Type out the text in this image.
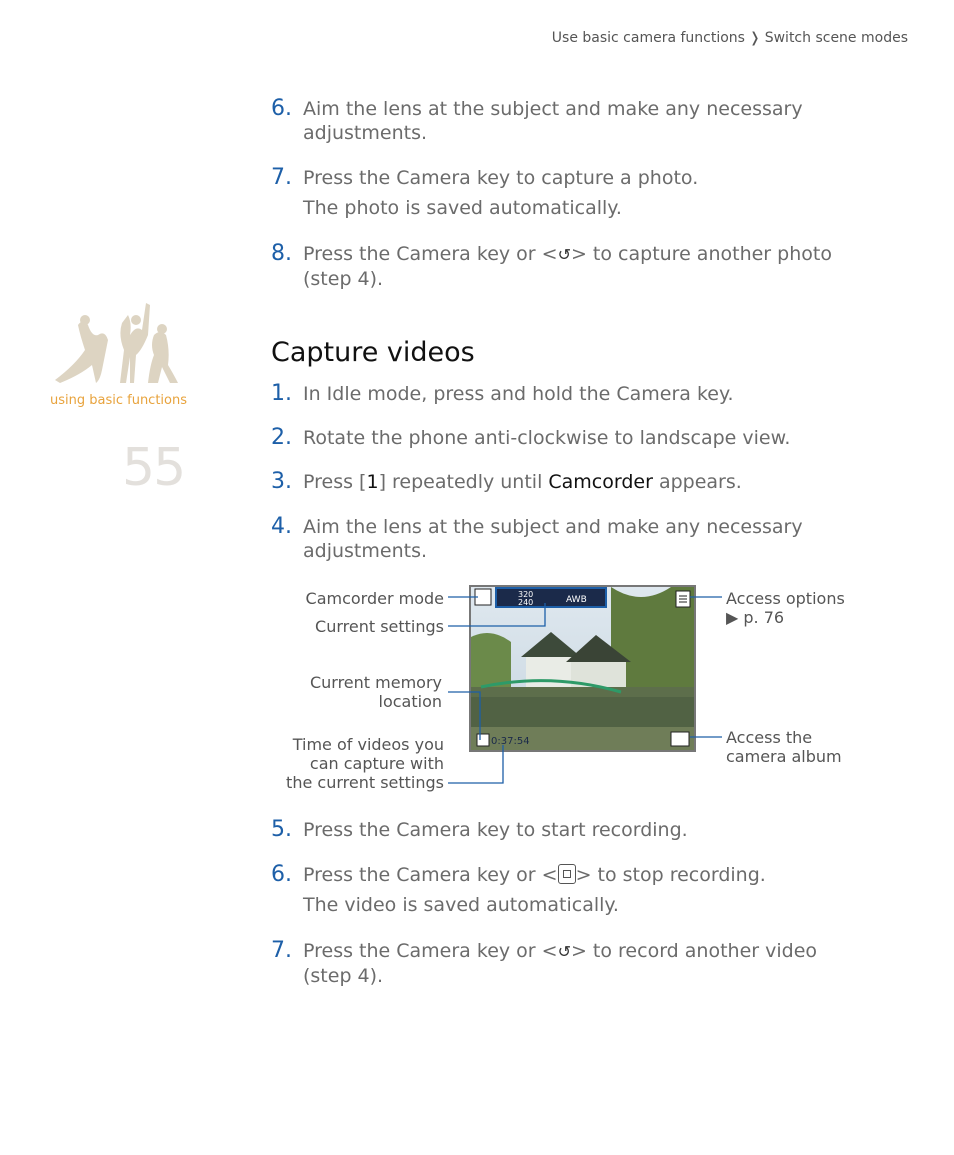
Use basic camera functions ❭ Switch scene modes
using basic functions
55
6. Aim the lens at the subject and make any necessary adjustments.
7. Press the Camera key to capture a photo.
The photo is saved automatically.
8. Press the Camera key or <↺> to capture another photo (step 4).
Capture videos
1. In Idle mode, press and hold the Camera key.
2. Rotate the phone anti-clockwise to landscape view.
3. Press [1] repeatedly until Camcorder appears.
4. Aim the lens at the subject and make any necessary adjustments.
320
240	AWB
0:37:54
Camcorder mode
Current settings
Current memory
location
Time of videos you
can capture with
the current settings
Access options
▶ p. 76
Access the
camera album
5. Press the Camera key to start recording.
6. Press the Camera key or < > to stop recording.
The video is saved automatically.
7. Press the Camera key or <↺> to record another video (step 4).
